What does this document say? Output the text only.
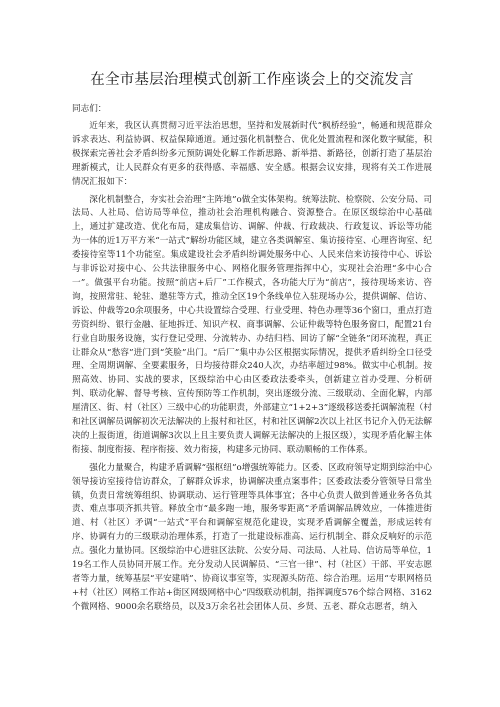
在全市基层治理模式创新工作座谈会上的交流发言

同志们：

近年来，我区认真贯彻习近平法治思想，坚持和发展新时代“枫桥经验”，畅通和规范群众诉求表达、利益协调、权益保障通道。通过强化机制整合、优化处置流程和深化数字赋能，积极探索完善社会矛盾纠纷多元预防调处化解工作新思路、新举措、新路径，创新打造了基层治理新模式，让人民群众有更多的获得感、幸福感、安全感。根据会议安排，现将有关工作进展情况汇报如下：

深化机制整合，夯实社会治理“主阵地”o做全实体架构。统筹法院、检察院、公安分局、司法局、人社局、信访局等单位，推动社会治理机构融合、资源整合。在原区级综治中心基础上，通过扩建改造、优化布局，建成集信访、调解、仲裁、行政裁决、行政复议、诉讼等功能为一体的近1万平方米“一站式”解纷功能区域，建立各类调解室、集访接待室、心理咨询室、纪委接待室等11个功能室。集成建设社会矛盾纠纷调处服务中心、人民来信来访接待中心、诉讼与非诉讼对接中心、公共法律服务中心、网格化服务管理指挥中心，实现社会治理“多中心合一”。做强平台功能。按照“前店+后厂”工作模式，各功能大厅为“前店”，接待现场来访、咨询，按照常驻、轮驻、邀驻等方式，推动全区19个条线单位入驻现场办公，提供调解、信访、诉讼、仲裁等20余项服务，中心共设置综合受理、行业受理、特色办理等36个窗口，重点打造劳资纠纷、银行金融、征地拆迁、知识产权、商事调解、公证仲裁等特色服务窗口，配置21台行业自助服务设施，实行登记受理、分流转办、办结归档、回访了解“全链条”闭环流程，真正让群众从“愁容”进门到“笑脸”出门。“后厂”集中办公区根据实际情况，提供矛盾纠纷全口径受理、全周期调解、全要素服务，日均接待群众240人次，办结率超过98%。做实中心机制。按照高效、协同、实战的要求，区级综治中心由区委政法委牵头，创新建立首办受理、分析研判、联动化解、督导考核、宣传预防等工作机制，突出逐级分流、三级联动、全面化解，内部厘清区、街、村（社区）三级中心的功能职责，外部建立“1+2+3”逐级移送委托调解流程（村和社区调解员调解初次无法解决的上报村和社区，村和社区调解2次以上社区书记介入仍无法解决的上报街道，街道调解3次以上且主要负责人调解无法解决的上报区级），实现矛盾化解主体衔接、制度衔接、程序衔接、效力衔接，构建多元协同、联动顺畅的工作体系。

强化力量聚合，构建矛盾调解“强枢纽”o增强统筹能力。区委、区政府领导定期到综治中心领导接访室接待信访群众，了解群众诉求，协调解决重点案事件；区委政法委分管领导日常坐镇，负责日常统筹组织、协调联动、运行管理等具体事宜；各中心负责人做到普通业务各负其责、难点事项齐抓共管。释放全市“最多跑一地，服务零距离”矛盾调解品牌效应，一体推进街道、村（社区）矛调“一站式”平台和调解室规范化建设，实现矛盾调解全覆盖，形成运转有序、协调有力的三级联动治理体系，打造了一批建设标准高、运行机制全、群众反响好的示范点。强化力量协同。区级综治中心进驻区法院、公安分局、司法局、人社局、信访局等单位，119名工作人员协同开展工作。充分发动人民调解员、“三官一律”、村（社区）干部、平安志愿者等力量，统筹基层“平安建哨”、协商议事室等，实现源头防范、综合治理。运用“专职网格员+村（社区）网格工作站+街区网级网格中心”四级联动机制，指挥调度576个综合网格、3162个微网格、9000余名联络员，以及3万余名社会团体人员、乡贤、五老、群众志愿者，纳入
